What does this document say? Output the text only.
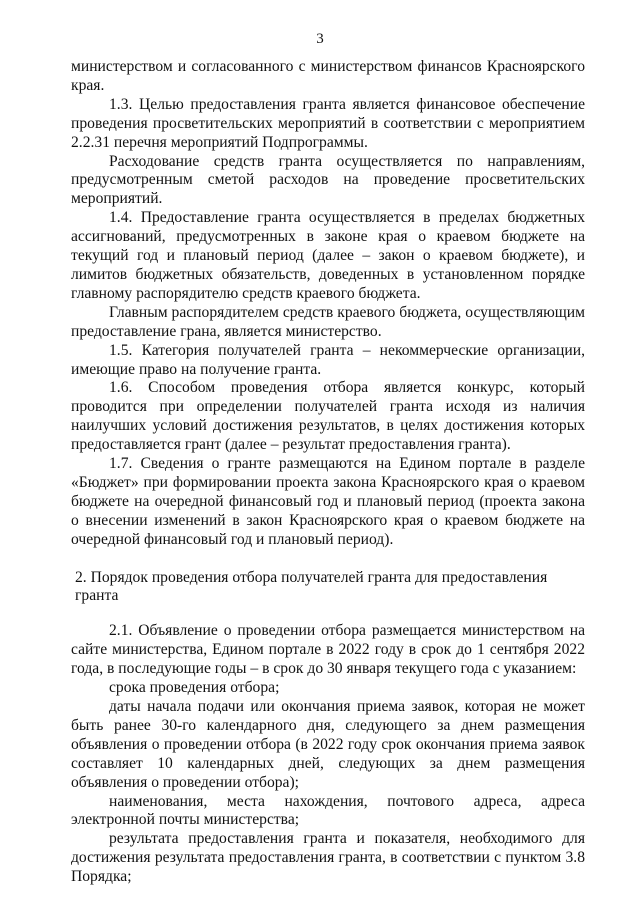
3

министерством и согласованного с министерством финансов Красноярского края.

1.3. Целью предоставления гранта является финансовое обеспечение проведения просветительских мероприятий в соответствии с мероприятием 2.2.31 перечня мероприятий Подпрограммы.

Расходование средств гранта осуществляется по направлениям, предусмотренным сметой расходов на проведение просветительских мероприятий.

1.4. Предоставление гранта осуществляется в пределах бюджетных ассигнований, предусмотренных в законе края о краевом бюджете на текущий год и плановый период (далее – закон о краевом бюджете), и лимитов бюджетных обязательств, доведенных в установленном порядке главному распорядителю средств краевого бюджета.

Главным распорядителем средств краевого бюджета, осуществляющим предоставление грана, является министерство.

1.5. Категория получателей гранта – некоммерческие организации, имеющие право на получение гранта.

1.6. Способом проведения отбора является конкурс, который проводится при определении получателей гранта исходя из наличия наилучших условий достижения результатов, в целях достижения которых предоставляется грант (далее – результат предоставления гранта).

1.7. Сведения о гранте размещаются на Едином портале в разделе «Бюджет» при формировании проекта закона Красноярского края о краевом бюджете на очередной финансовый год и плановый период (проекта закона о внесении изменений в закон Красноярского края о краевом бюджете на очередной финансовый год и плановый период).

2. Порядок проведения отбора получателей гранта для предоставления гранта

2.1. Объявление о проведении отбора размещается министерством на сайте министерства, Едином портале в 2022 году в срок до 1 сентября 2022 года, в последующие годы – в срок до 30 января текущего года с указанием:

срока проведения отбора;

даты начала подачи или окончания приема заявок, которая не может быть ранее 30-го календарного дня, следующего за днем размещения объявления о проведении отбора (в 2022 году срок окончания приема заявок составляет 10 календарных дней, следующих за днем размещения объявления о проведении отбора);

наименования, места нахождения, почтового адреса, адреса электронной почты министерства;

результата предоставления гранта и показателя, необходимого для достижения результата предоставления гранта, в соответствии с пунктом 3.8 Порядка;
